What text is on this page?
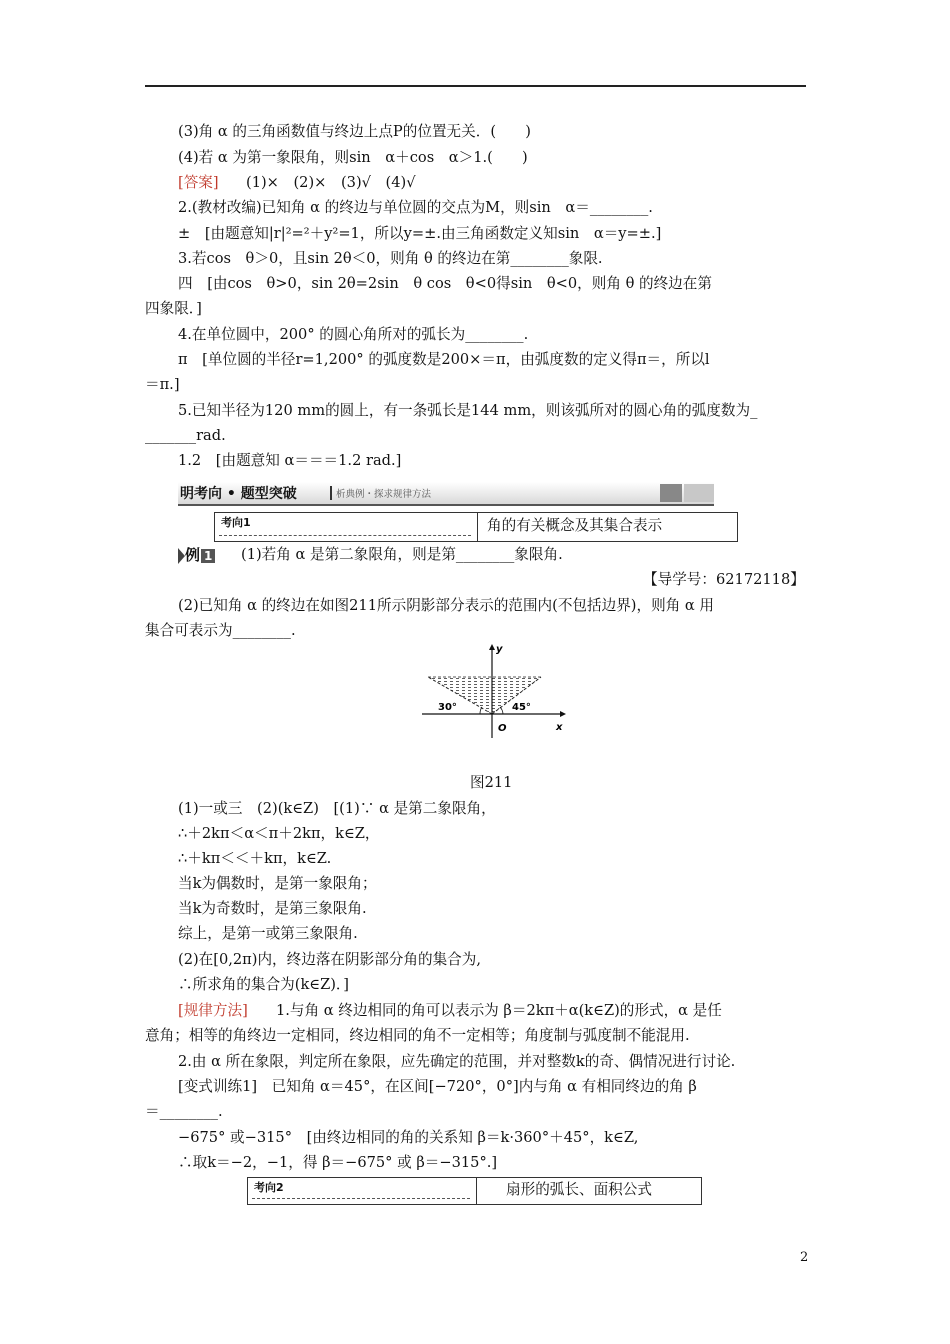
(3)角 α 的三角函数值与终边上点P的位置无关．(　　)
(4)若 α 为第一象限角，则sin　α＋cos　α＞1.(　　)
[答案] (1)×　(2)×　(3)√　(4)√
2.(教材改编)已知角 α 的终边与单位圆的交点为M，则sin　α＝________.
±　[由题意知|r|²=²＋y²=1，所以y=±.由三角函数定义知sin　α＝y=±.]
3.若cos　θ＞0，且sin 2θ＜0，则角 θ 的终边在第________象限.
四　[由cos　θ>0，sin 2θ=2sin　θ cos　θ<0得sin　θ<0，则角 θ 的终边在第
四象限．]
4.在单位圆中，200° 的圆心角所对的弧长为________.
π　[单位圆的半径r=1,200° 的弧度数是200×＝π，由弧度数的定义得π＝，所以l
＝π.]
5.已知半径为120 mm的圆上，有一条弧长是144 mm，则该弧所对的圆心角的弧度数为_
_______rad.
1.2　[由题意知 α＝＝＝1.2 rad.]
明考向 • 题型突破	析典例・探求规律方法
考向1	角的有关概念及其集合表示
例 1 (1)若角 α 是第二象限角，则是第________象限角.
【导学号：62172118】
(2)已知角 α 的终边在如图211所示阴影部分表示的范围内(不包括边界)，则角 α 用
集合可表示为________.
30°	45°
O	x
y
图211
(1)一或三　(2)(k∈Z)　[(1)∵ α 是第二象限角，
∴＋2kπ＜α＜π＋2kπ，k∈Z，
∴＋kπ＜＜＋kπ，k∈Z.
当k为偶数时，是第一象限角；
当k为奇数时，是第三象限角.
综上，是第一或第三象限角.
(2)在[0,2π)内，终边落在阴影部分角的集合为,
∴所求角的集合为(k∈Z)．]
[规律方法] 1.与角 α 终边相同的角可以表示为 β＝2kπ＋α(k∈Z)的形式，α 是任
意角；相等的角终边一定相同，终边相同的角不一定相等；角度制与弧度制不能混用.
2.由 α 所在象限，判定所在象限，应先确定的范围，并对整数k的奇、偶情况进行讨论.
[变式训练1]　已知角 α＝45°，在区间[−720°，0°]内与角 α 有相同终边的角 β
＝________.
−675° 或−315°　[由终边相同的角的关系知 β＝k·360°＋45°，k∈Z,
∴取k＝−2，−1，得 β＝−675° 或 β＝−315°.]
考向2	扇形的弧长、面积公式
2
